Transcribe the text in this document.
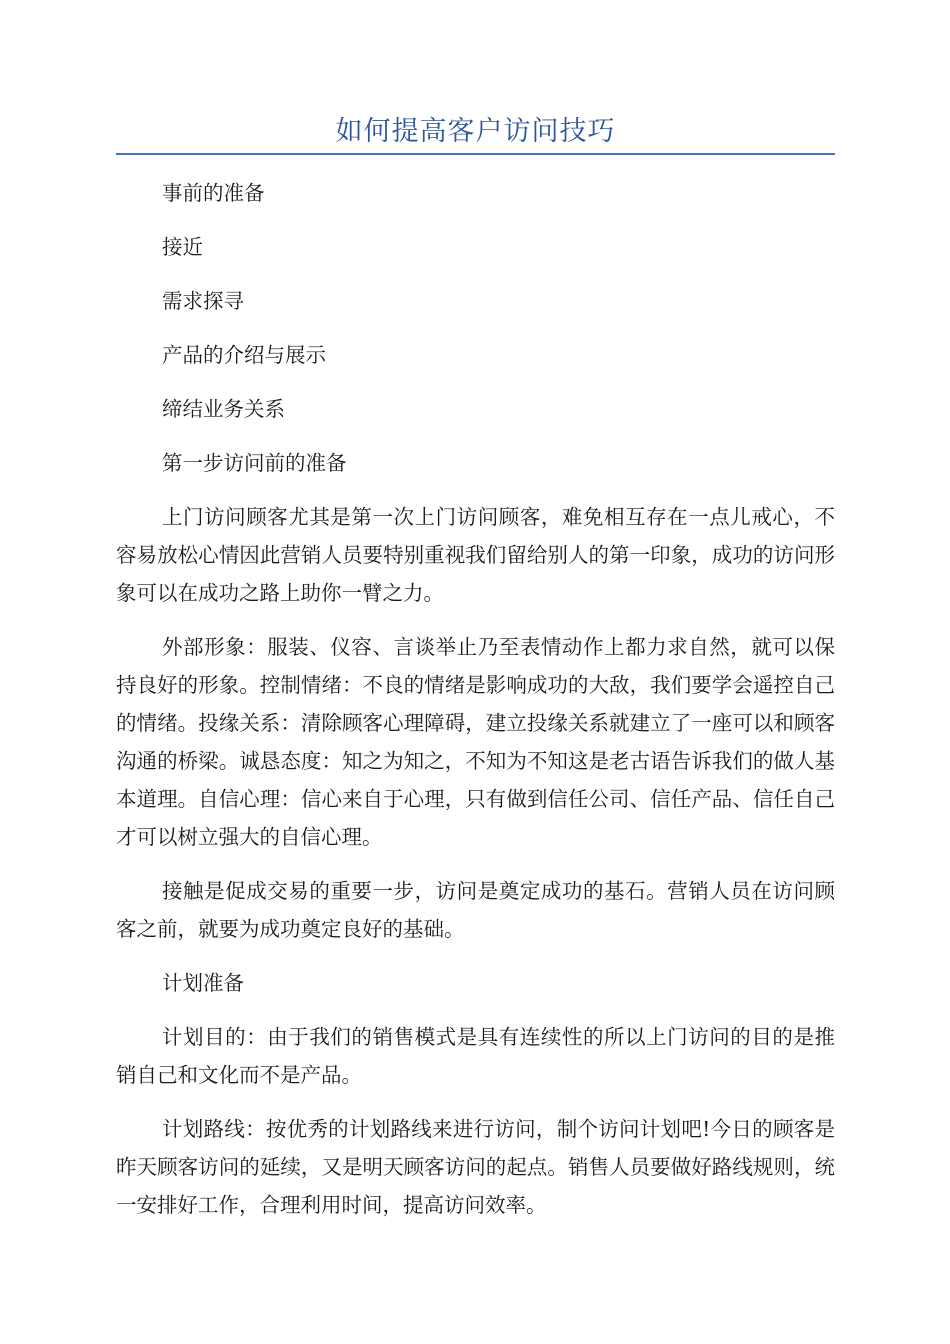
如何提高客户访问技巧

事前的准备

接近

需求探寻

产品的介绍与展示

缔结业务关系

第一步访问前的准备

上门访问顾客尤其是第一次上门访问顾客，难免相互存在一点儿戒心，不容易放松心情因此营销人员要特别重视我们留给别人的第一印象，成功的访问形象可以在成功之路上助你一臂之力。

外部形象：服装、仪容、言谈举止乃至表情动作上都力求自然，就可以保持良好的形象。控制情绪：不良的情绪是影响成功的大敌，我们要学会遥控自己的情绪。投缘关系：清除顾客心理障碍，建立投缘关系就建立了一座可以和顾客沟通的桥梁。诚恳态度：知之为知之，不知为不知这是老古语告诉我们的做人基本道理。自信心理：信心来自于心理，只有做到信任公司、信任产品、信任自己才可以树立强大的自信心理。

接触是促成交易的重要一步，访问是奠定成功的基石。营销人员在访问顾客之前，就要为成功奠定良好的基础。

计划准备

计划目的：由于我们的销售模式是具有连续性的所以上门访问的目的是推销自己和文化而不是产品。

计划路线：按优秀的计划路线来进行访问，制个访问计划吧!今日的顾客是昨天顾客访问的延续，又是明天顾客访问的起点。销售人员要做好路线规则，统一安排好工作，合理利用时间，提高访问效率。
